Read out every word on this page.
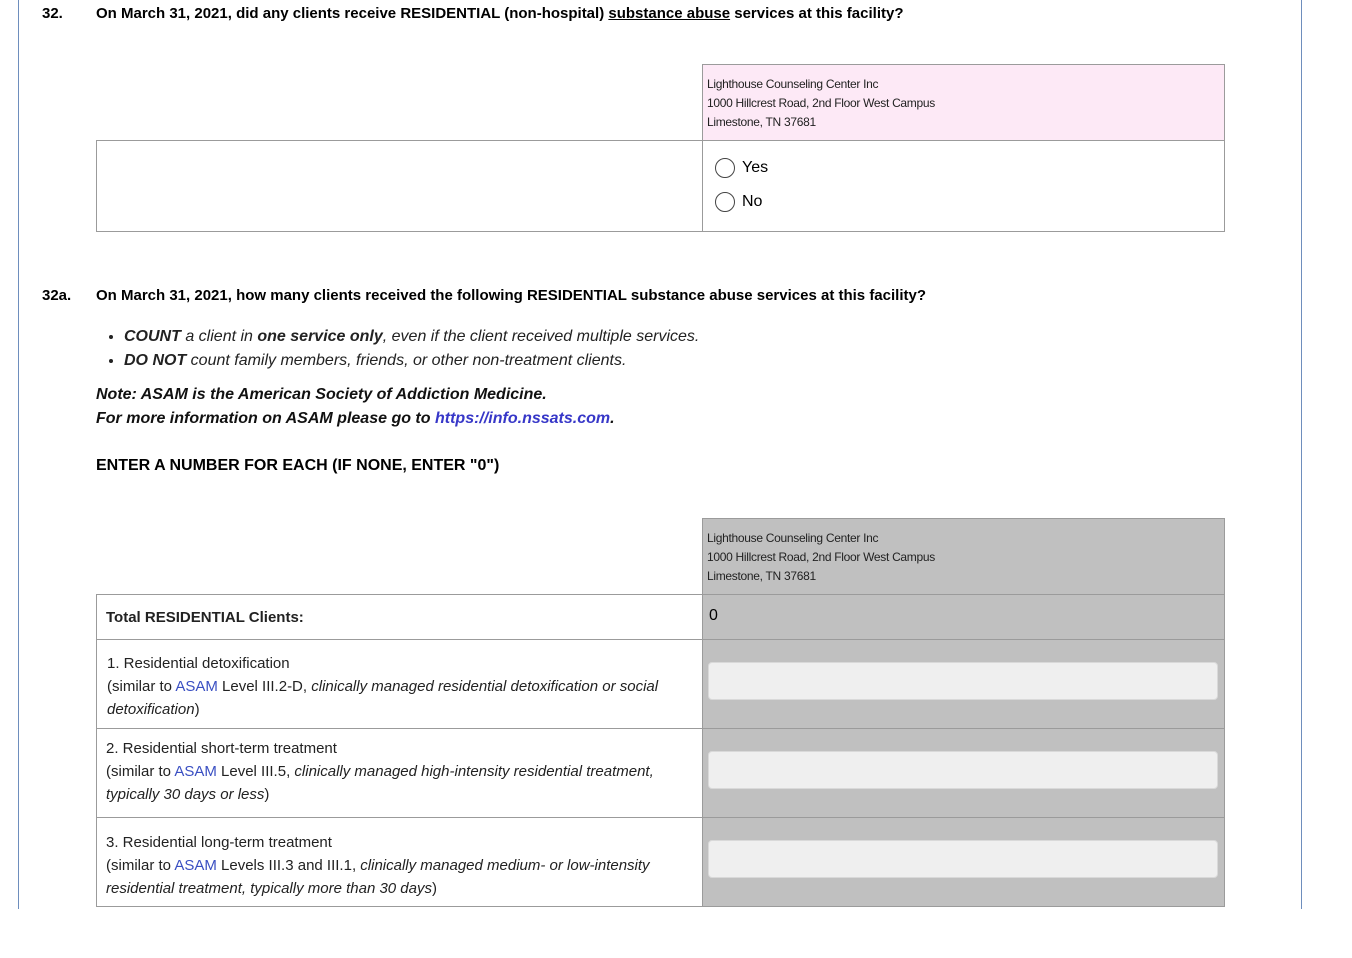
32. On March 31, 2021, did any clients receive RESIDENTIAL (non-hospital) substance abuse services at this facility?
Lighthouse Counseling Center Inc
1000 Hillcrest Road, 2nd Floor West Campus
Limestone, TN 37681
Yes
No
32a. On March 31, 2021, how many clients received the following RESIDENTIAL substance abuse services at this facility?
• COUNT a client in one service only, even if the client received multiple services.
• DO NOT count family members, friends, or other non-treatment clients.
Note: ASAM is the American Society of Addiction Medicine.
For more information on ASAM please go to https://info.nssats.com.
ENTER A NUMBER FOR EACH (IF NONE, ENTER "0")
Lighthouse Counseling Center Inc
1000 Hillcrest Road, 2nd Floor West Campus
Limestone, TN 37681
Total RESIDENTIAL Clients:	0
1. Residential detoxification
(similar to ASAM Level III.2-D, clinically managed residential detoxification or social detoxification)
2. Residential short-term treatment
(similar to ASAM Level III.5, clinically managed high-intensity residential treatment, typically 30 days or less)
3. Residential long-term treatment
(similar to ASAM Levels III.3 and III.1, clinically managed medium- or low-intensity residential treatment, typically more than 30 days)
